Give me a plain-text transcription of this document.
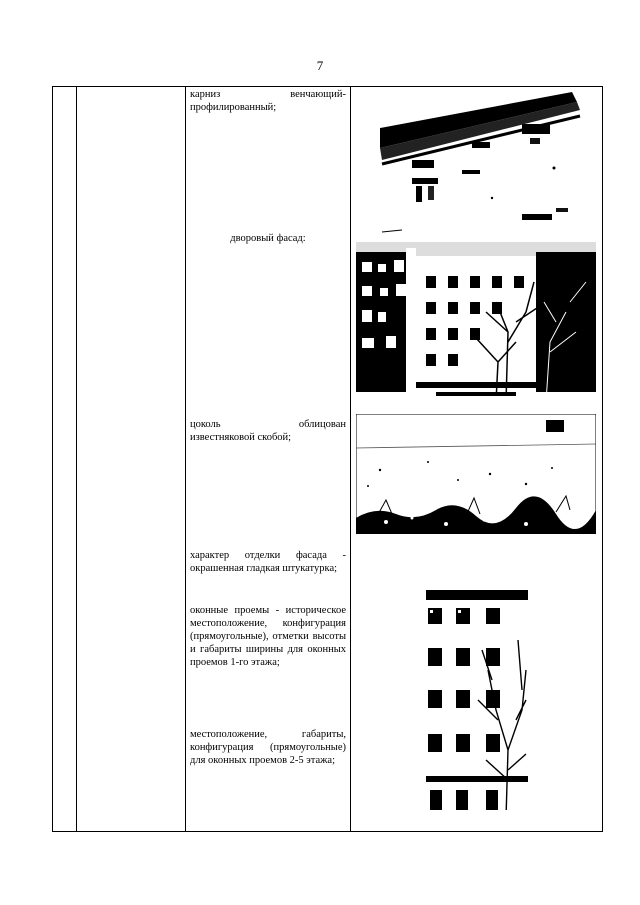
7
карниз венчающий-профилированный;
дворовый фасад:
цоколь	облицован
известняковой скобой;
характер отделки фасада - окрашенная гладкая штукатурка;
оконные проемы - историческое местоположение, конфигурация (прямоугольные), отметки высоты и габариты ширины для оконных проемов 1-го этажа;
местоположение, габариты, конфигурация (прямоугольные) для оконных проемов 2-5 этажа;
